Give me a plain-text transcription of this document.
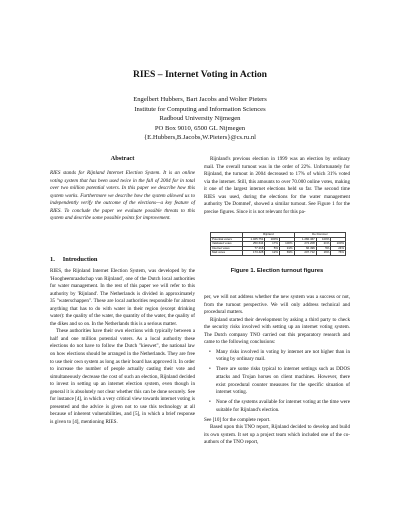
RIES – Internet Voting in Action
Engelbert Hubbers, Bart Jacobs and Wolter Pieters
Institute for Computing and Information Sciences
Radboud University Nijmegen
PO Box 9010, 6500 GL Nijmegen
{E.Hubbers,B.Jacobs,W.Pieters}@cs.ru.nl
Abstract

RIES stands for Rijnland Internet Election System. It is an online voting system that has been used twice in the fall of 2004 for in total over two million potential voters. In this paper we describe how this system works. Furthermore we describe how the system allowed us to independently verify the outcome of the elections—a key feature of RIES. To conclude the paper we evaluate possible threats to this system and describe some possible points for improvement.

1. Introduction

RIES, the Rijnland Internet Election System, was developed by the 'Hoogheemraadschap van Rijnland', one of the Dutch local authorities for water management. In the rest of this paper we will refer to this authority by 'Rijnland'. The Netherlands is divided in approximately 35 "waterschappen". These are local authorities responsible for almost anything that has to do with water in their region (except drinking water): the quality of the water, the quantity of the water, the quality of the dikes and so on. In the Netherlands this is a serious matter.

These authorities have their own elections with typically between a half and one million potential voters. As a local authority these elections do not have to follow the Dutch "kieswet", the national law on how elections should be arranged in the Netherlands. They are free to use their own system as long as their board has approved it. In order to increase the number of people actually casting their vote and simultaneously decrease the cost of such an election, Rijnland decided to invest in setting up an internet election system, even though in general it is absolutely not clear whether this can be done securely. See for instance [4], in which a very critical view towards internet voting is presented and the advice is given not to use this technology at all because of inherent vulnerabilities, and [5], in which a brief response is given to [4], mentioning RIES.

Rijnland's previous election in 1999 was an election by ordinary mail. The overall turnout was in the order of 22%. Unfortunately for Rijnland, the turnout in 2004 decreased to 17% of which 31% voted via the internet. Still, this amounts to over 70.000 online votes, making it one of the largest internet elections held so far. The second time RIES was used, during the elections for the water management authority 'De Dommel', showed a similar turnout. See Figure 1 for the precise figures. Since it is not relevant for this pa-

	Rijnland			De Dommel		
Potential voters	1.465.751	100%		1.282.467	100%	
Validated votes	250.644	17%	100%	274.208	21%	100%
Internet votes	77.216	5%	31%	66.496	5%	24%
Mail votes	173.428	12%	69%	207.712	16%	76%
Figure 1. Election turnout figures

per, we will not address whether the new system was a success or not, from the turnout perspective. We will only address technical and procedural matters.

Rijnland started their development by asking a third party to check the security risks involved with setting up an internet voting system. The Dutch company TNO carried out this preparatory research and came to the following conclusions:

• Many risks involved in voting by internet are not higher than in voting by ordinary mail.
• There are some risks typical to internet settings such as DDOS attacks and Trojan horses on client machines. However, there exist procedural counter measures for the specific situation of internet voting.
• None of the systems available for internet voting at the time were suitable for Rijnland's election.

See [10] for the complete report.

Based upon this TNO report, Rijnland decided to develop and build its own system. It set up a project team which included one of the co-authors of the TNO report,
